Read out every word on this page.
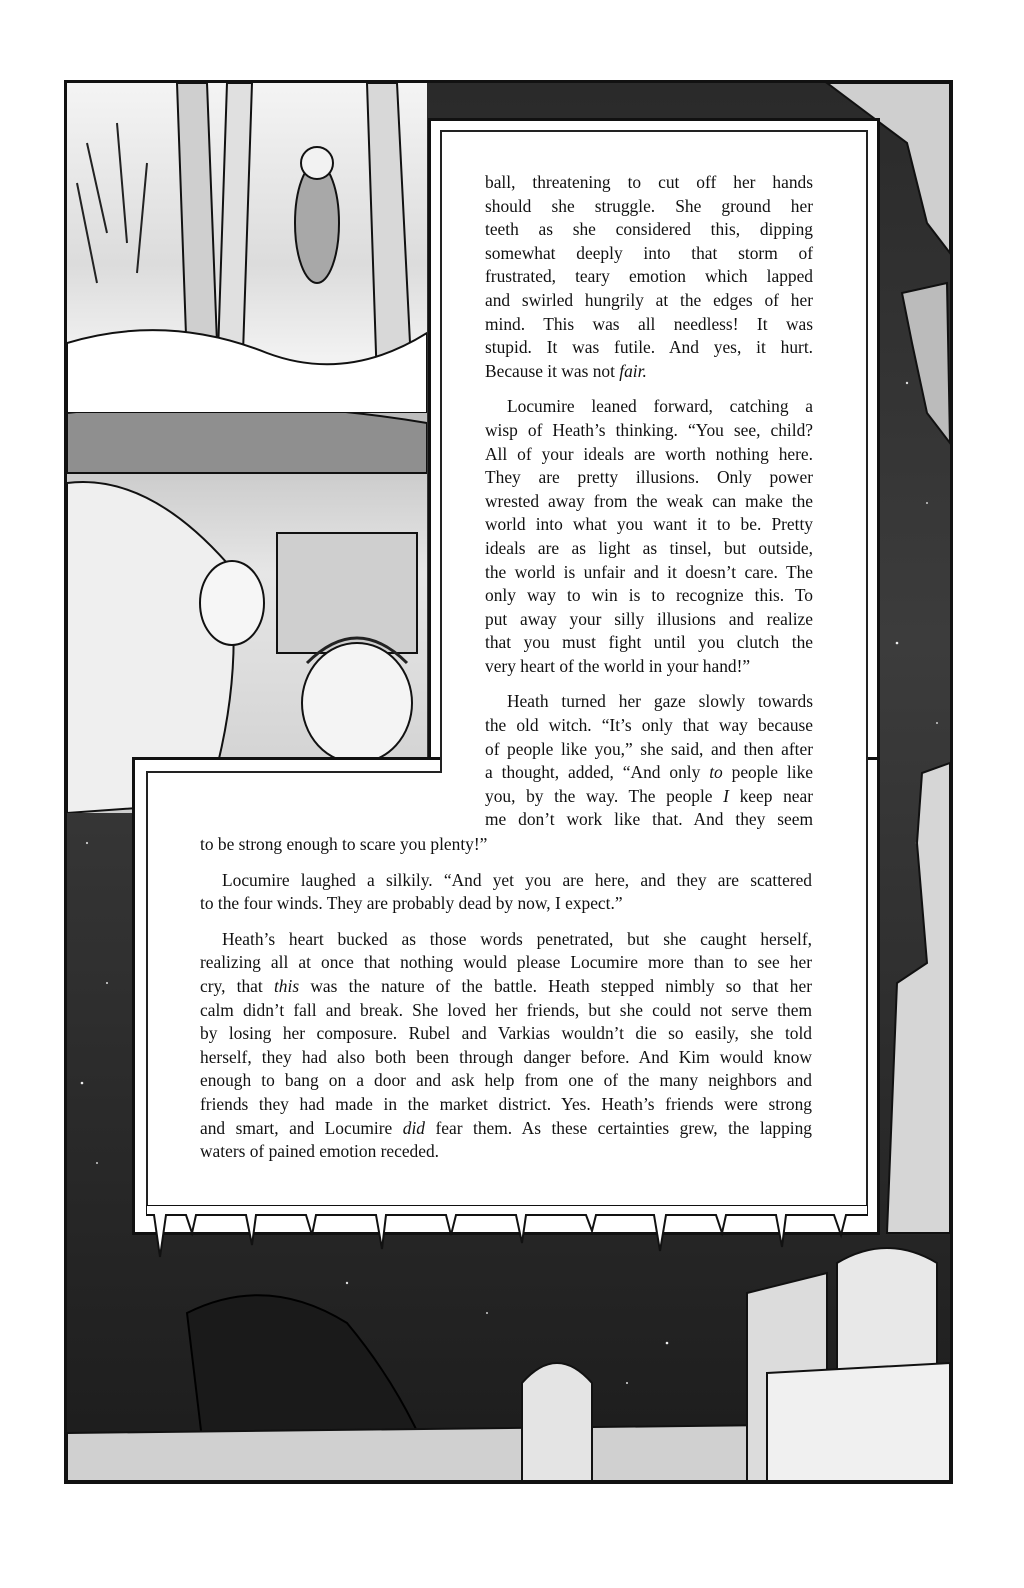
ball, threatening to cut off her hands
should she struggle. She ground her
teeth as she considered this, dipping
somewhat deeply into that storm of
frustrated, teary emotion which lapped
and swirled hungrily at the edges of her
mind. This was all needless! It was
stupid. It was futile. And yes, it hurt.
Because it was not fair.
Locumire leaned forward, catching a
wisp of Heath’s thinking. “You see, child?
All of your ideals are worth nothing here.
They are pretty illusions. Only power
wrested away from the weak can make the
world into what you want it to be. Pretty
ideals are as light as tinsel, but outside,
the world is unfair and it doesn’t care. The
only way to win is to recognize this. To
put away your silly illusions and realize
that you must fight until you clutch the
very heart of the world in your hand!”
Heath turned her gaze slowly towards
the old witch. “It’s only that way because
of people like you,” she said, and then after
a thought, added, “And only to people like
you, by the way. The people I keep near
me don’t work like that. And they seem
to be strong enough to scare you plenty!”
Locumire laughed a silkily. “And yet you are here, and they are scattered
to the four winds. They are probably dead by now, I expect.”
Heath’s heart bucked as those words penetrated, but she caught herself,
realizing all at once that nothing would please Locumire more than to see her
cry, that this was the nature of the battle. Heath stepped nimbly so that her
calm didn’t fall and break. She loved her friends, but she could not serve them
by losing her composure. Rubel and Varkias wouldn’t die so easily, she told
herself, they had also both been through danger before. And Kim would know
enough to bang on a door and ask help from one of the many neighbors and
friends they had made in the market district. Yes. Heath’s friends were strong
and smart, and Locumire did fear them. As these certainties grew, the lapping
waters of pained emotion receded.
